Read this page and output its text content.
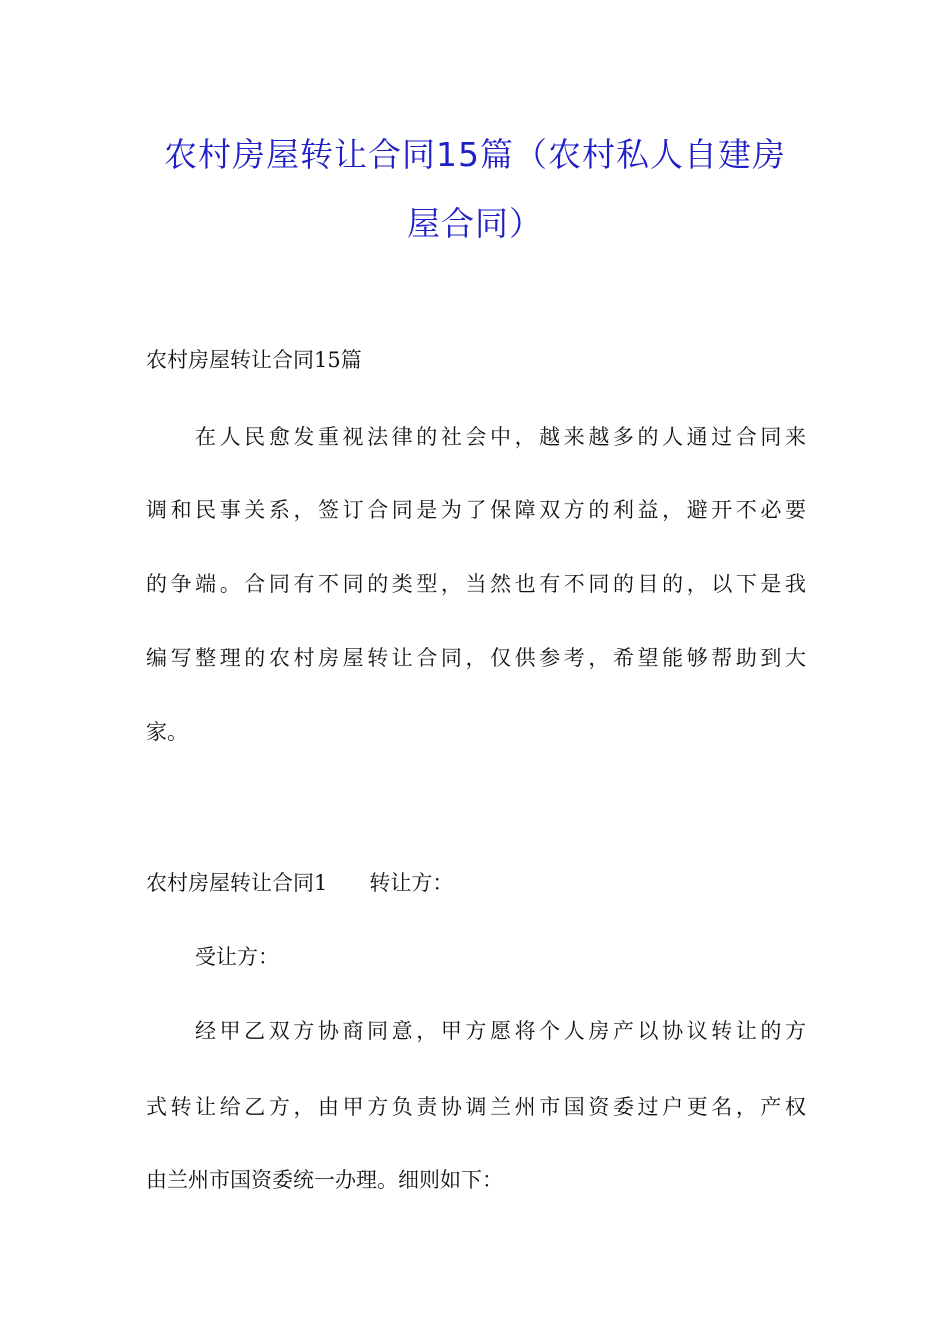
农村房屋转让合同15篇（农村私人自建房
屋合同）
农村房屋转让合同15篇
在人民愈发重视法律的社会中，越来越多的人通过合同来
调和民事关系，签订合同是为了保障双方的利益，避开不必要
的争端。合同有不同的类型，当然也有不同的目的，以下是我
编写整理的农村房屋转让合同，仅供参考，希望能够帮助到大
家。
农村房屋转让合同1　　转让方：
受让方：
经甲乙双方协商同意，甲方愿将个人房产以协议转让的方
式转让给乙方，由甲方负责协调兰州市国资委过户更名，产权
由兰州市国资委统一办理。细则如下：
